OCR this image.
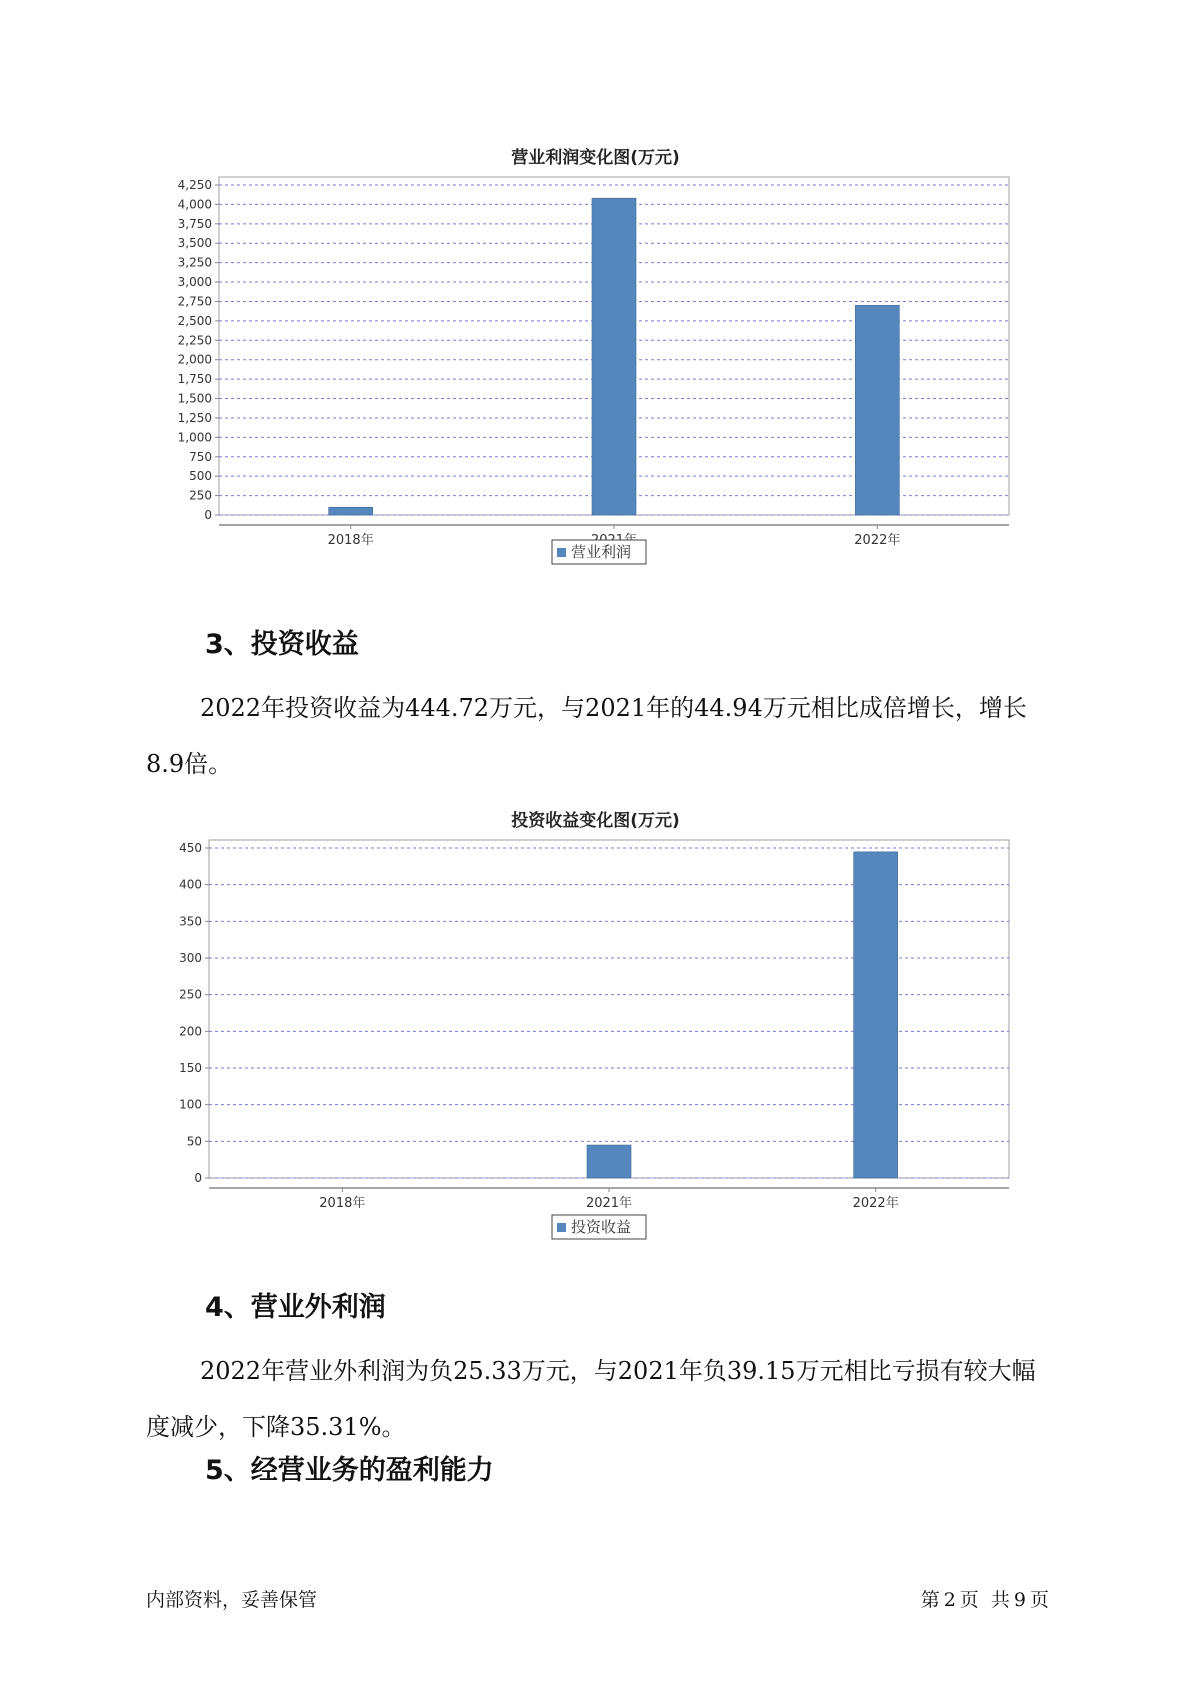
营业利润变化图(万元)
0
250
500
750
1,000
1,250
1,500
1,750
2,000
2,250
2,500
2,750
3,000
3,250
3,500
3,750
4,000
4,250
2018年	2022年
营业利润
3、投资收益
2022年投资收益为444.72万元，与2021年的44.94万元相比成倍增长，增长8.9倍。
投资收益变化图(万元)
0
50
100
150
200
250
300
350
400
450
2018年	2021年	2022年
投资收益
4、营业外利润
2022年营业外利润为负25.33万元，与2021年负39.15万元相比亏损有较大幅度减少，下降35.31%。
5、经营业务的盈利能力
内部资料，妥善保管	第 2 页  共 9 页
